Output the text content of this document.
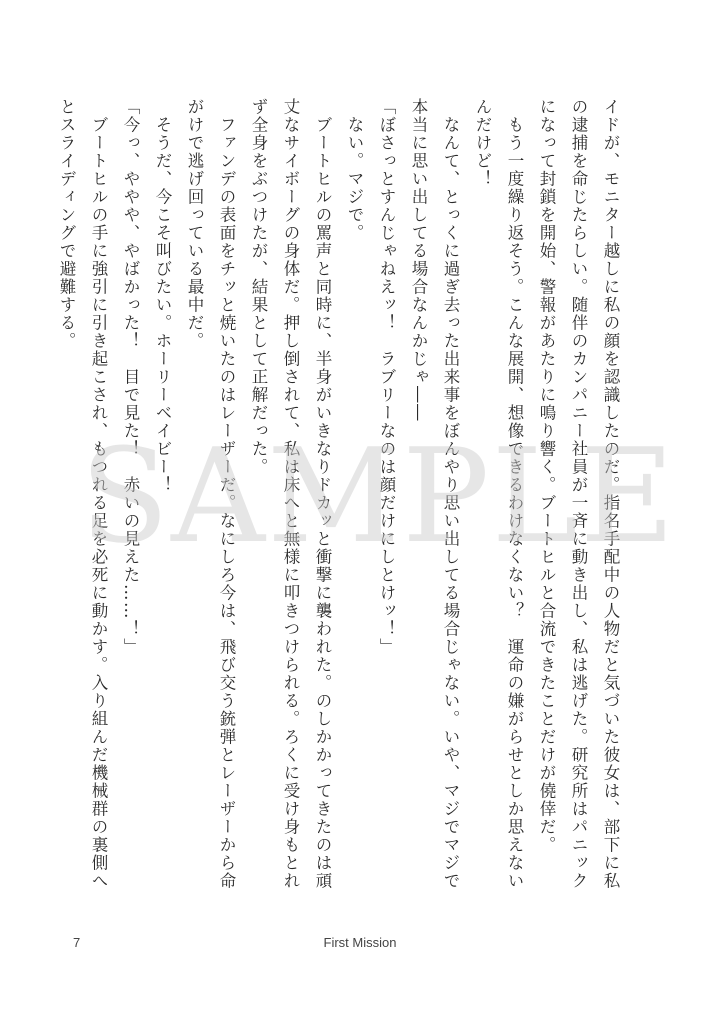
イドが、モニター越しに私の顔を認識したのだ。指名手配中の人物だと気づいた彼女は、部下に私
の逮捕を命じたらしい。随伴のカンパニー社員が一斉に動き出し、私は逃げた。研究所はパニック
になって封鎖を開始、警報があたりに鳴り響く。ブートヒルと合流できたことだけが僥倖だ。
　もう一度繰り返そう。こんな展開、想像できるわけなくない？　運命の嫌がらせとしか思えない
んだけど！
　なんて、とっくに過ぎ去った出来事をぼんやり思い出してる場合じゃない。いや、マジでマジで
本当に思い出してる場合なんかじゃ――
「ぼさっとすんじゃねえッ！　ラブリーなのは顔だけにしとけッ！」
　ない。マジで。
　ブートヒルの罵声と同時に、半身がいきなりドカッと衝撃に襲われた。のしかかってきたのは頑
丈なサイボーグの身体だ。押し倒されて、私は床へと無様に叩きつけられる。ろくに受け身もとれ
ず全身をぶつけたが、結果として正解だった。
　ファンデの表面をチッと焼いたのはレーザーだ。なにしろ今は、飛び交う銃弾とレーザーから命
がけで逃げ回っている最中だ。
　そうだ、今こそ叫びたい。ホーリーベイビー！
「今っ、ややや、やばかった！　目で見た！　赤いの見えた……！」
　ブートヒルの手に強引に引き起こされ、もつれる足を必死に動かす。入り組んだ機械群の裏側へ
とスライディングで避難する。
SAMPLE
7	First Mission
